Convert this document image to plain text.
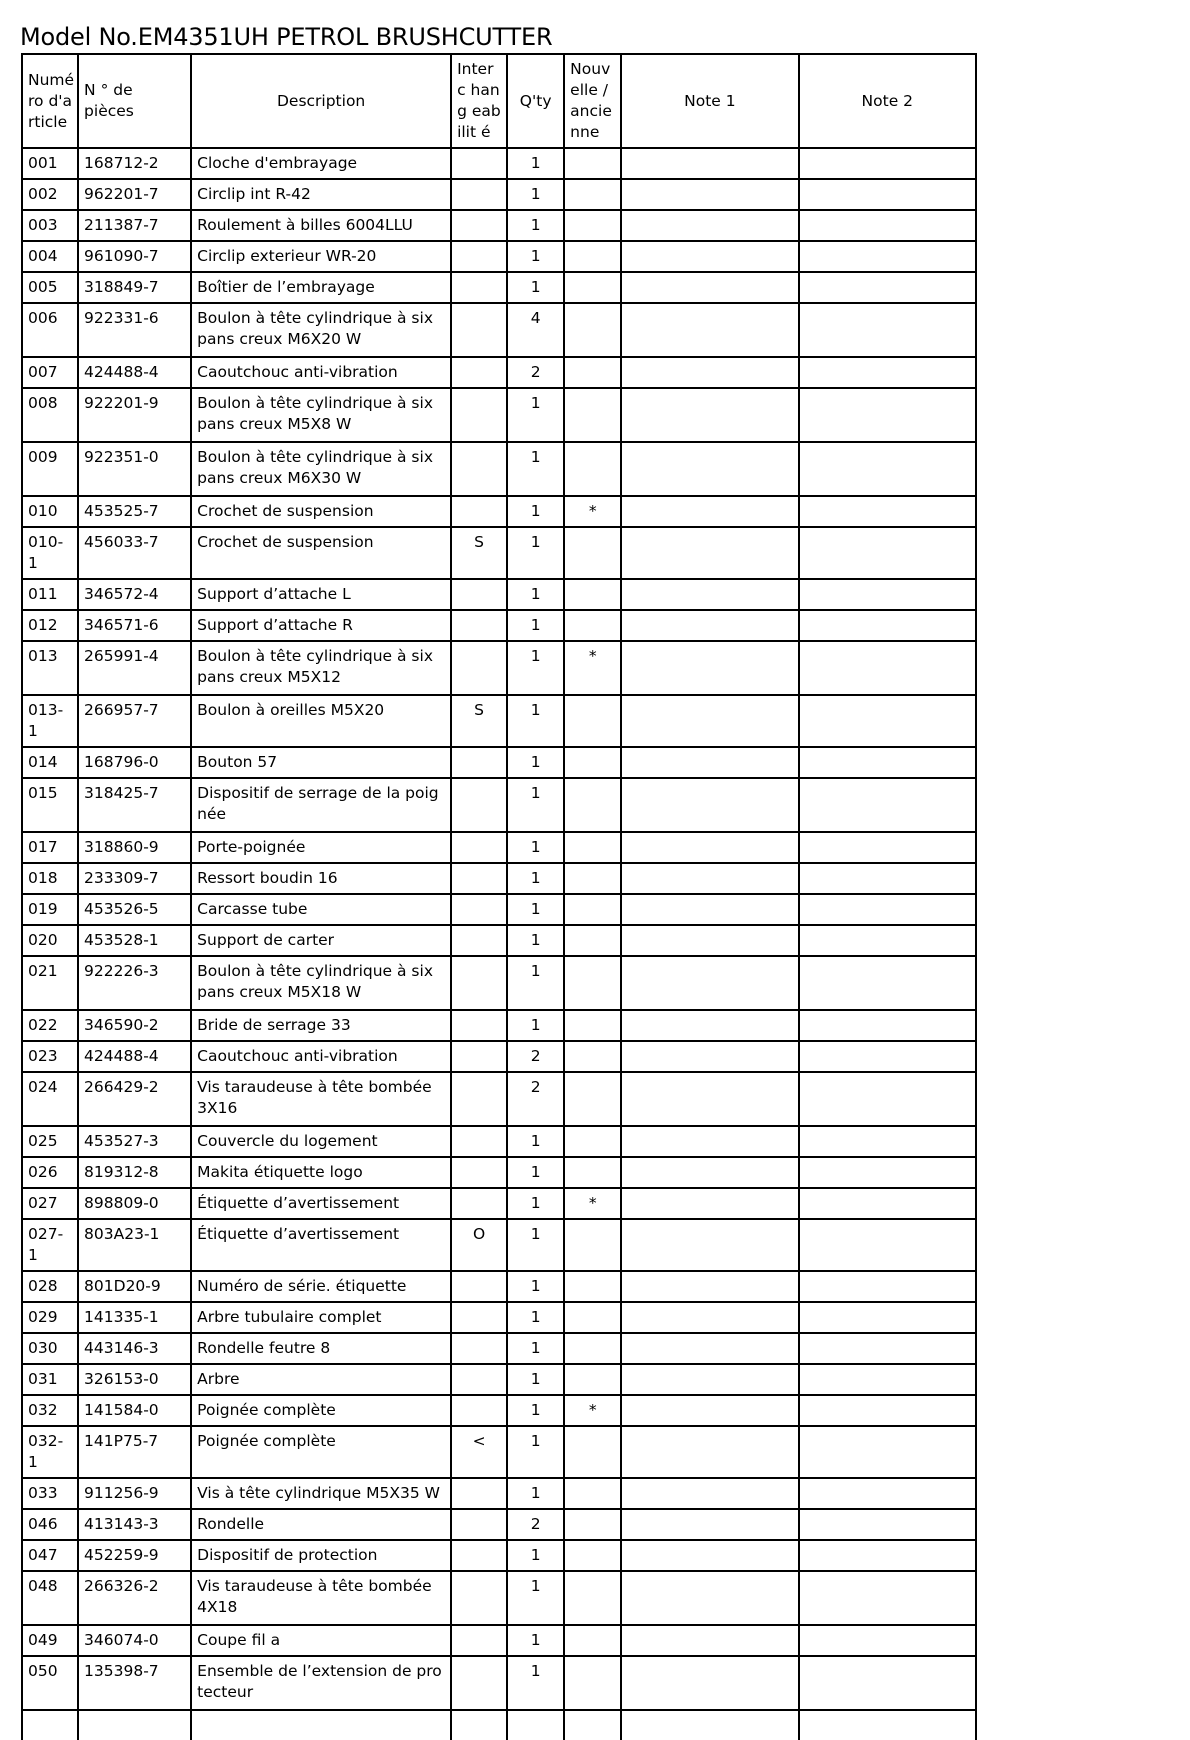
Model No.EM4351UH PETROL BRUSHCUTTER
Numé ro d'a rticle	N ° de pièces	Description	Interc hang eabilit é	Q'ty	Nouv elle / ancie nne	Note 1	Note 2
001	168712-2	Cloche d'embrayage		1			
002	962201-7	Circlip int R-42		1			
003	211387-7	Roulement à billes 6004LLU		1			
004	961090-7	Circlip exterieur WR-20		1			
005	318849-7	Boîtier de l’embrayage		1			
006	922331-6	Boulon à tête cylindrique à six pans creux M6X20 W		4			
007	424488-4	Caoutchouc anti-vibration		2			
008	922201-9	Boulon à tête cylindrique à six pans creux M5X8 W		1			
009	922351-0	Boulon à tête cylindrique à six pans creux M6X30 W		1			
010	453525-7	Crochet de suspension		1	*		
010-1	456033-7	Crochet de suspension	S	1			
011	346572-4	Support d’attache L		1			
012	346571-6	Support d’attache R		1			
013	265991-4	Boulon à tête cylindrique à six pans creux M5X12		1	*		
013-1	266957-7	Boulon à oreilles M5X20	S	1			
014	168796-0	Bouton 57		1			
015	318425-7	Dispositif de serrage de la poignée		1			
017	318860-9	Porte-poignée		1			
018	233309-7	Ressort boudin 16		1			
019	453526-5	Carcasse tube		1			
020	453528-1	Support de carter		1			
021	922226-3	Boulon à tête cylindrique à six pans creux M5X18 W		1			
022	346590-2	Bride de serrage 33		1			
023	424488-4	Caoutchouc anti-vibration		2			
024	266429-2	Vis taraudeuse à tête bombée 3X16		2			
025	453527-3	Couvercle du logement		1			
026	819312-8	Makita étiquette logo		1			
027	898809-0	Étiquette d’avertissement		1	*		
027-1	803A23-1	Étiquette d’avertissement	O	1			
028	801D20-9	Numéro de série. étiquette		1			
029	141335-1	Arbre tubulaire complet		1			
030	443146-3	Rondelle feutre 8		1			
031	326153-0	Arbre		1			
032	141584-0	Poignée complète		1	*		
032-1	141P75-7	Poignée complète	<	1			
033	911256-9	Vis à tête cylindrique M5X35 W		1			
046	413143-3	Rondelle		2			
047	452259-9	Dispositif de protection		1			
048	266326-2	Vis taraudeuse à tête bombée 4X18		1			
049	346074-0	Coupe fil a		1			
050	135398-7	Ensemble de l’extension de protecteur		1			
